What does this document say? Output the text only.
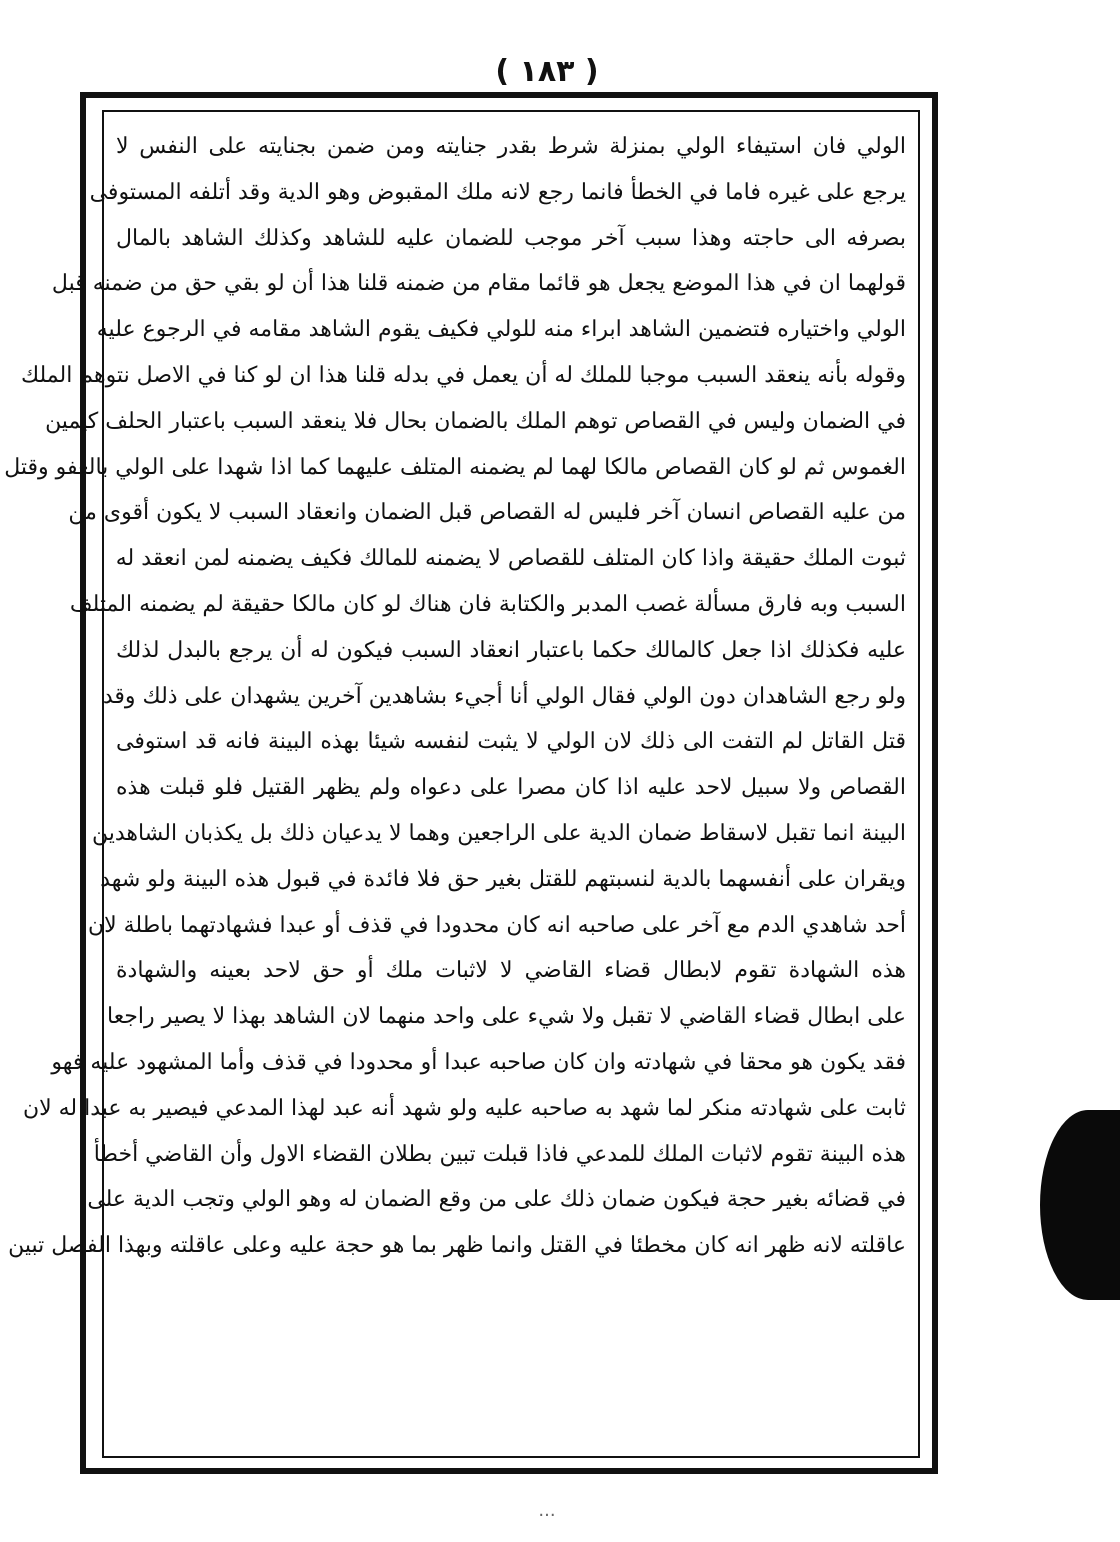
( ١٨٣ )
الولي فان استيفاء الولي بمنزلة شرط بقدر جنايته ومن ضمن بجنايته على النفس لا
يرجع على غيره فاما في الخطأ فانما رجع لانه ملك المقبوض وهو الدية وقد أتلفه المستوفى
بصرفه الى حاجته وهذا سبب آخر موجب للضمان عليه للشاهد وكذلك الشاهد بالمال
قولهما ان في هذا الموضع يجعل هو قائما مقام من ضمنه قلنا هذا أن لو بقي حق من ضمنه قبل
الولي واختياره فتضمين الشاهد ابراء منه للولي فكيف يقوم الشاهد مقامه في الرجوع عليه
وقوله بأنه ينعقد السبب موجبا للملك له أن يعمل في بدله قلنا هذا ان لو كنا في الاصل نتوهم الملك
في الضمان وليس في القصاص توهم الملك بالضمان بحال فلا ينعقد السبب باعتبار الحلف كيمين
الغموس ثم لو كان القصاص مالكا لهما لم يضمنه المتلف عليهما كما اذا شهدا على الولي بالعفو وقتل
من عليه القصاص انسان آخر فليس له القصاص قبل الضمان وانعقاد السبب لا يكون أقوى من
ثبوت الملك حقيقة واذا كان المتلف للقصاص لا يضمنه للمالك فكيف يضمنه لمن انعقد له
السبب وبه فارق مسألة غصب المدبر والكتابة فان هناك لو كان مالكا حقيقة لم يضمنه المتلف
عليه فكذلك اذا جعل كالمالك حكما باعتبار انعقاد السبب فيكون له أن يرجع بالبدل لذلك
ولو رجع الشاهدان دون الولي فقال الولي أنا أجيء بشاهدين آخرين يشهدان على ذلك وقد
قتل القاتل لم التفت الى ذلك لان الولي لا يثبت لنفسه شيئا بهذه البينة فانه قد استوفى
القصاص ولا سبيل لاحد عليه اذا كان مصرا على دعواه ولم يظهر القتيل فلو قبلت هذه
البينة انما تقبل لاسقاط ضمان الدية على الراجعين وهما لا يدعيان ذلك بل يكذبان الشاهدين
ويقران على أنفسهما بالدية لنسبتهم للقتل بغير حق فلا فائدة في قبول هذه البينة ولو شهد
أحد شاهدي الدم مع آخر على صاحبه انه كان محدودا في قذف أو عبدا فشهادتهما باطلة لان
هذه الشهادة تقوم لابطال قضاء القاضي لا لاثبات ملك أو حق لاحد بعينه والشهادة
على ابطال قضاء القاضي لا تقبل ولا شيء على واحد منهما لان الشاهد بهذا لا يصير راجعا
فقد يكون هو محقا في شهادته وان كان صاحبه عبدا أو محدودا في قذف وأما المشهود عليه فهو
ثابت على شهادته منكر لما شهد به صاحبه عليه ولو شهد أنه عبد لهذا المدعي فيصير به عبدا له لان
هذه البينة تقوم لاثبات الملك للمدعي فاذا قبلت تبين بطلان القضاء الاول وأن القاضي أخطأ
في قضائه بغير حجة فيكون ضمان ذلك على من وقع الضمان له وهو الولي وتجب الدية على
عاقلته لانه ظهر انه كان مخطئا في القتل وانما ظهر بما هو حجة عليه وعلى عاقلته وبهذا الفصل تبين
...
